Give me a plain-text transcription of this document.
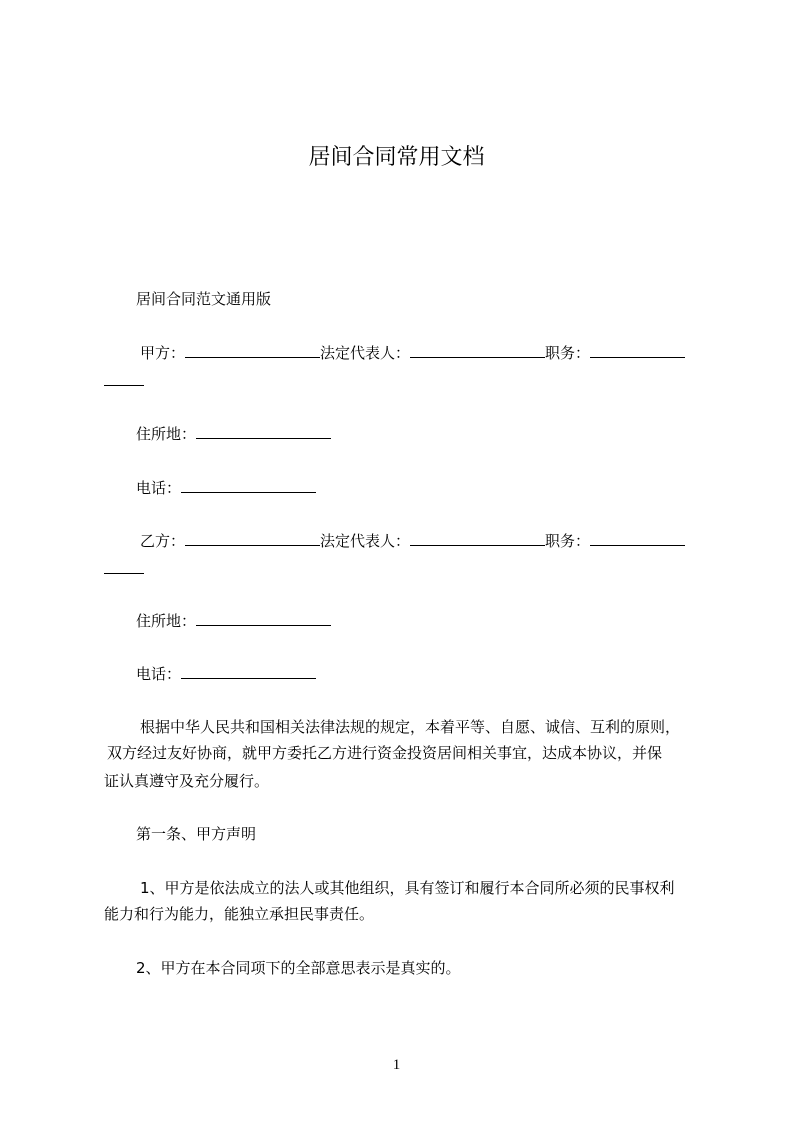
居间合同常用文档
居间合同范文通用版
甲方：	法定代表人：	职务：
住所地：
电话：
乙方：	法定代表人：	职务：
住所地：
电话：
根据中华人民共和国相关法律法规的规定，本着平等、自愿、诚信、互利的原则，
双方经过友好协商，就甲方委托乙方进行资金投资居间相关事宜，达成本协议，并保
证认真遵守及充分履行。
第一条、甲方声明
1、甲方是依法成立的法人或其他组织，具有签订和履行本合同所必须的民事权利
能力和行为能力，能独立承担民事责任。
2、甲方在本合同项下的全部意思表示是真实的。
1
